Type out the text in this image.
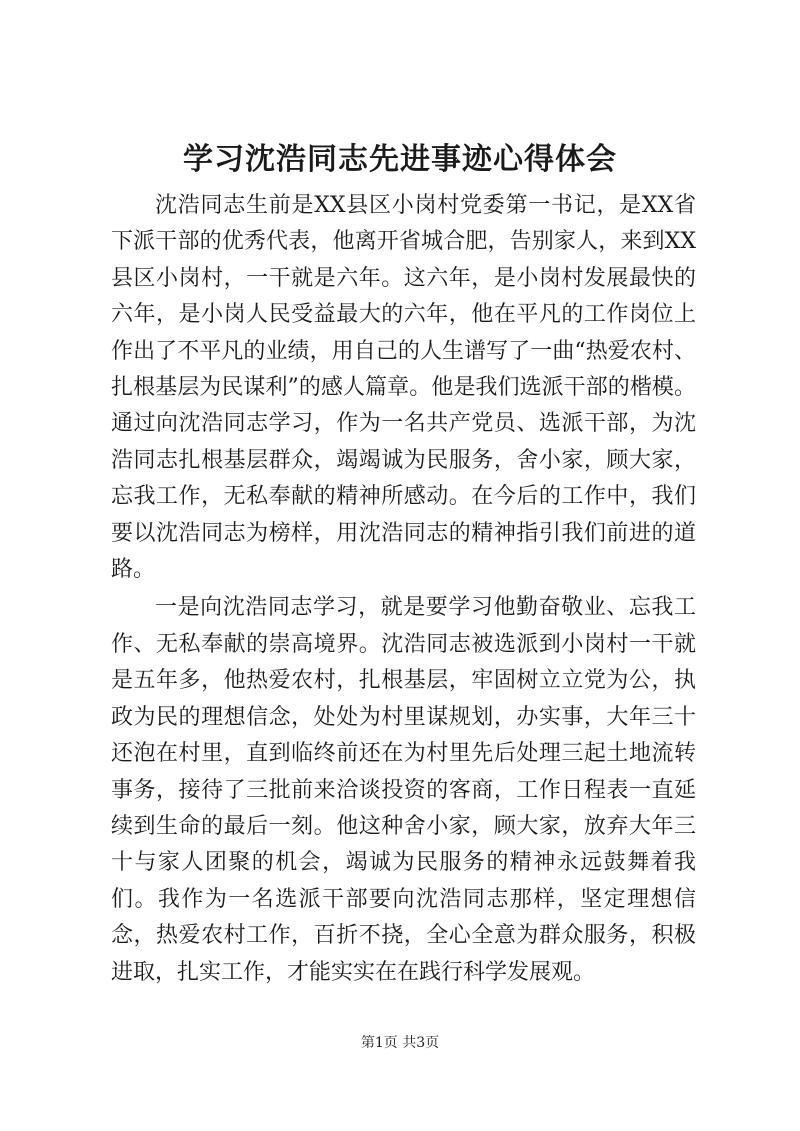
学习沈浩同志先进事迹心得体会

沈浩同志生前是XX县区小岗村党委第一书记，是XX省下派干部的优秀代表，他离开省城合肥，告别家人，来到XX县区小岗村，一干就是六年。这六年，是小岗村发展最快的六年，是小岗人民受益最大的六年，他在平凡的工作岗位上作出了不平凡的业绩，用自己的人生谱写了一曲“热爱农村、扎根基层为民谋利”的感人篇章。他是我们选派干部的楷模。通过向沈浩同志学习，作为一名共产党员、选派干部，为沈浩同志扎根基层群众，竭竭诚为民服务，舍小家，顾大家，忘我工作，无私奉献的精神所感动。在今后的工作中，我们要以沈浩同志为榜样，用沈浩同志的精神指引我们前进的道路。

一是向沈浩同志学习，就是要学习他勤奋敬业、忘我工作、无私奉献的崇高境界。沈浩同志被选派到小岗村一干就是五年多，他热爱农村，扎根基层，牢固树立立党为公，执政为民的理想信念，处处为村里谋规划，办实事，大年三十还泡在村里，直到临终前还在为村里先后处理三起土地流转事务，接待了三批前来洽谈投资的客商，工作日程表一直延续到生命的最后一刻。他这种舍小家，顾大家，放弃大年三十与家人团聚的机会，竭诚为民服务的精神永远鼓舞着我们。我作为一名选派干部要向沈浩同志那样，坚定理想信念，热爱农村工作，百折不挠，全心全意为群众服务，积极进取，扎实工作，才能实实在在践行科学发展观。

第1页 共3页
